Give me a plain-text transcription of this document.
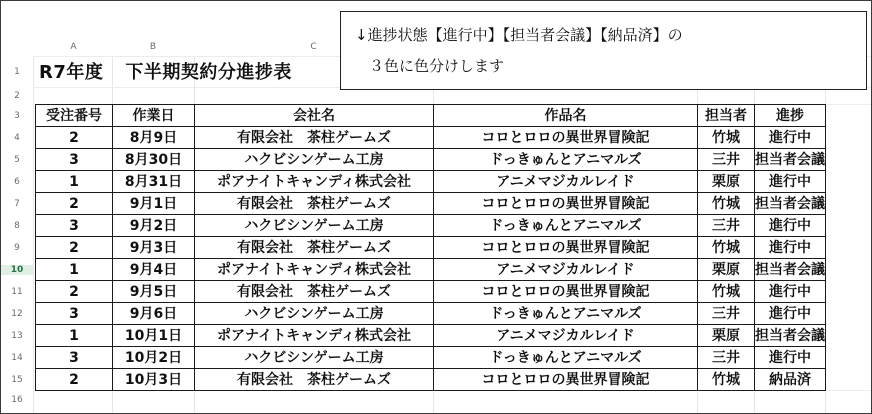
A	B	C
1
2
3
4
5
6
7
8
9
10
11
12
13
14
15
16
R7年度 下半期契約分進捗表
↓進捗状態【進行中】【担当者会議】【納品済】の
３色に色分けします
受注番号	作業日	会社名	作品名	担当者	進捗
2	8月9日	有限会社　茶柱ゲームズ	コロとロロの異世界冒険記	竹城	進行中
3	8月30日	ハクビシンゲーム工房	ドっきゅんとアニマルズ	三井	担当者会議
1	8月31日	ポアナイトキャンディ株式会社	アニメマジカルレイド	栗原	進行中
2	9月1日	有限会社　茶柱ゲームズ	コロとロロの異世界冒険記	竹城	担当者会議
3	9月2日	ハクビシンゲーム工房	ドっきゅんとアニマルズ	三井	進行中
2	9月3日	有限会社　茶柱ゲームズ	コロとロロの異世界冒険記	竹城	進行中
1	9月4日	ポアナイトキャンディ株式会社	アニメマジカルレイド	栗原	担当者会議
2	9月5日	有限会社　茶柱ゲームズ	コロとロロの異世界冒険記	竹城	進行中
3	9月6日	ハクビシンゲーム工房	ドっきゅんとアニマルズ	三井	進行中
1	10月1日	ポアナイトキャンディ株式会社	アニメマジカルレイド	栗原	担当者会議
3	10月2日	ハクビシンゲーム工房	ドっきゅんとアニマルズ	三井	進行中
2	10月3日	有限会社　茶柱ゲームズ	コロとロロの異世界冒険記	竹城	納品済
